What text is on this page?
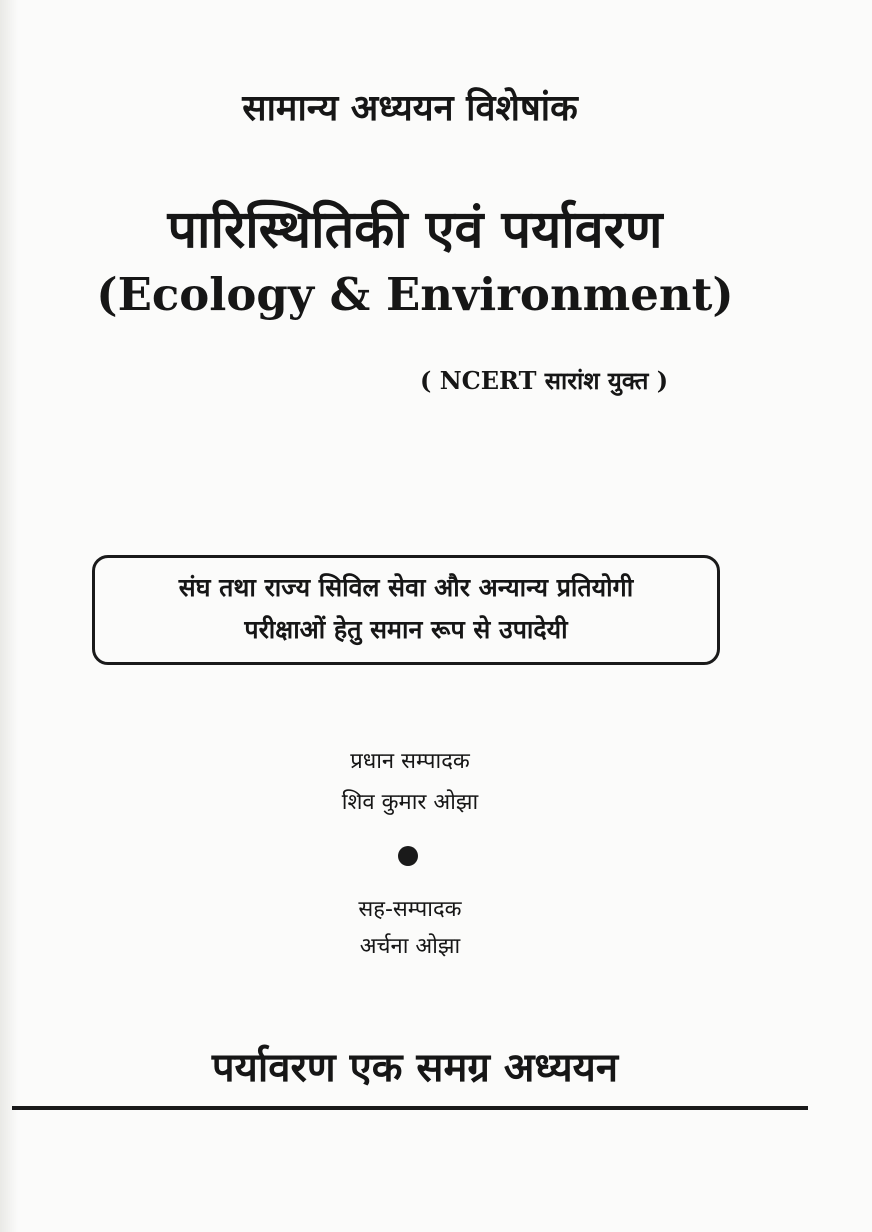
सामान्य अध्ययन विशेषांक
पारिस्थितिकी एवं पर्यावरण
(Ecology & Environment)
( NCERT सारांश युक्त )
संघ तथा राज्य सिविल सेवा और अन्यान्य प्रतियोगी
परीक्षाओं हेतु समान रूप से उपादेयी
प्रधान सम्पादक
शिव कुमार ओझा
सह-सम्पादक
अर्चना ओझा
पर्यावरण एक समग्र अध्ययन
